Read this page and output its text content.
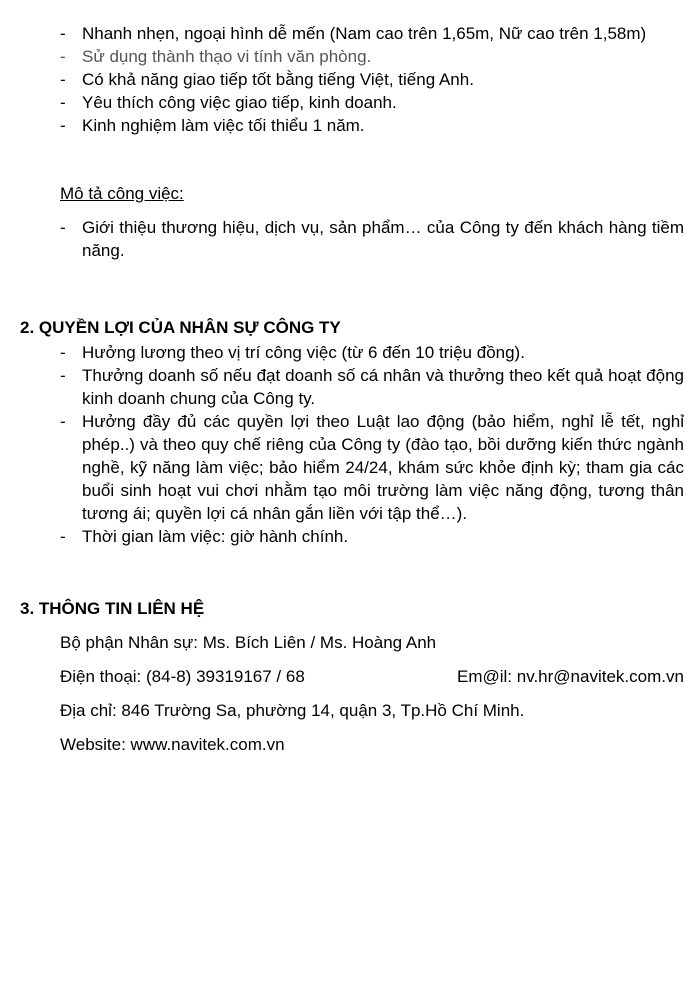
- Nhanh nhẹn, ngoại hình dễ mến (Nam cao trên 1,65m, Nữ cao trên 1,58m)
- Sử dụng thành thạo vi tính văn phòng.
- Có khả năng giao tiếp tốt bằng tiếng Việt, tiếng Anh.
- Yêu thích công việc giao tiếp, kinh doanh.
- Kinh nghiệm làm việc tối thiểu 1 năm.
Mô tả công việc:
- Giới thiệu thương hiệu, dịch vụ, sản phẩm… của Công ty đến khách hàng tiềm năng.
2. QUYỀN LỢI CỦA NHÂN SỰ CÔNG TY
- Hưởng lương theo vị trí công việc (từ 6 đến 10 triệu đồng).
- Thưởng doanh số nếu đạt doanh số cá nhân và thưởng theo kết quả hoạt động kinh doanh chung của Công ty.
- Hưởng đầy đủ các quyền lợi theo Luật lao động (bảo hiểm, nghỉ lễ tết, nghỉ phép..) và theo quy chế riêng của Công ty (đào tạo, bồi dưỡng kiến thức ngành nghề, kỹ năng làm việc; bảo hiểm 24/24, khám sức khỏe định kỳ; tham gia các buổi sinh hoạt vui chơi nhằm tạo môi trường làm việc năng động, tương thân tương ái; quyền lợi cá nhân gắn liền với tập thể…).
- Thời gian làm việc: giờ hành chính.
3. THÔNG TIN LIÊN HỆ
Bộ phận Nhân sự: Ms. Bích Liên / Ms. Hoàng Anh
Điện thoại: (84-8) 39319167 / 68	Em@il: nv.hr@navitek.com.vn
Địa chỉ: 846 Trường Sa, phường 14, quận 3, Tp.Hồ Chí Minh.
Website: www.navitek.com.vn
